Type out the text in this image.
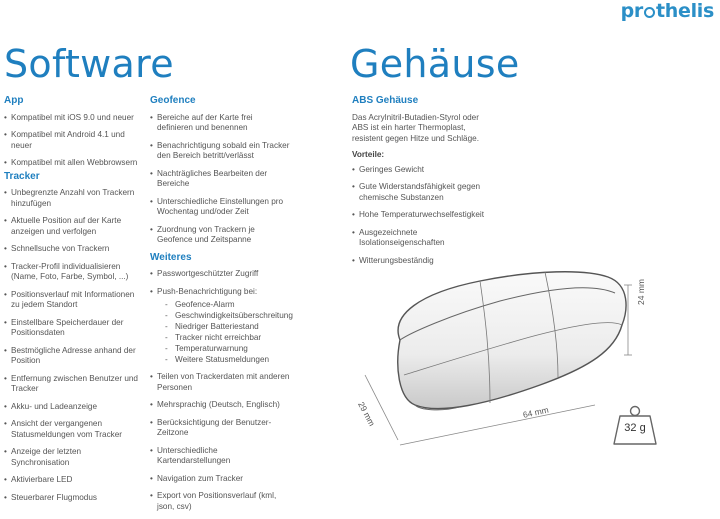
pr thelis
Software	Gehäuse
App
• Kompatibel mit iOS 9.0 und neuer
• Kompatibel mit Android 4.1 und neuer
• Kompatibel mit allen Webbrowsern
Tracker
• Unbegrenzte Anzahl von Trackern hinzufügen
• Aktuelle Position auf der Karte anzeigen und verfolgen
• Schnellsuche von Trackern
• Tracker-Profil individualisieren (Name, Foto, Farbe, Symbol, ...)
• Positionsverlauf mit Informationen zu jedem Standort
• Einstellbare Speicherdauer der Positionsdaten
• Bestmögliche Adresse anhand der Position
• Entfernung zwischen Benutzer und Tracker
• Akku- und Ladeanzeige
• Ansicht der vergangenen Statusmeldungen vom Tracker
• Anzeige der letzten Synchronisation
• Aktivierbare LED
• Steuerbarer Flugmodus
Geofence
• Bereiche auf der Karte frei definieren und benennen
• Benachrichtigung sobald ein Tracker den Bereich betritt/verlässt
• Nachträgliches Bearbeiten der Bereiche
• Unterschiedliche Einstellungen pro Wochentag und/oder Zeit
• Zuordnung von Trackern je Geofence und Zeitspanne
Weiteres
• Passwortgeschützter Zugriff
• Push-Benachrichtigung bei:
- Geofence-Alarm
- Geschwindigkeitsüberschreitung
- Niedriger Batteriestand
- Tracker nicht erreichbar
- Temperaturwarnung
- Weitere Statusmeldungen
• Teilen von Trackerdaten mit anderen Personen
• Mehrsprachig (Deutsch, Englisch)
• Berücksichtigung der Benutzer-Zeitzone
• Unterschiedliche Kartendarstellungen
• Navigation zum Tracker
• Export von Positionsverlauf (kml, json, csv)
ABS Gehäuse
Das Acrylnitril-Butadien-Styrol oder ABS ist ein harter Thermoplast, resistent gegen Hitze und Schläge.
Vorteile:
• Geringes Gewicht
• Gute Widerstandsfähigkeit gegen chemische Substanzen
• Hohe Temperaturwechselfestigkeit
• Ausgezeichnete Isolationseigenschaften
• Witterungsbeständig
24 mm
29 mm	64 mm
32 g
